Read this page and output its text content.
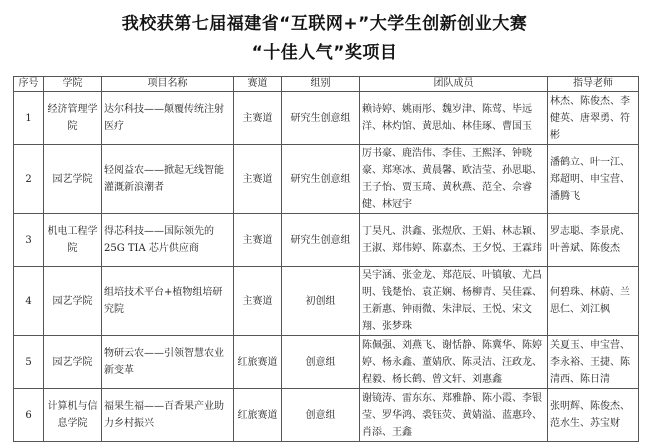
我校获第七届福建省“互联网+”大学生创新创业大赛
“十佳人气”奖项目
序号	学院	项目名称	赛道	组别	团队成员	指导老师
1	经济管理学院	达尔科技——颠覆传统注射医疗	主赛道	研究生创意组	赖诗婷、姚雨彤、魏岁津、陈莺、毕远洋、林灼馆、黄思灿、林佳琢、曹国玉	林杰、陈俊杰、李健英、唐翠勇、符彬
2	园艺学院	轻阅益农——掀起无线智能灌溉新浪潮者	主赛道	研究生创意组	厉书豪、鹿浩伟、李佳、王熙泽、钟晓豪、郑寒冰、黄晨馨、欧洁莹、孙思聪、王子怡、贾玉琦、黄秋燕、范全、佘睿健、林冠宇	潘鹤立、叶一江、郑超明、申宝营、潘腾飞
3	机电工程学院	得芯科技——国际领先的25G TIA 芯片供应商	主赛道	研究生创意组	丁昊凡、洪鑫、张煜欣、王娟、林志颖、王淑、郑伟婷、陈嘉杰、王夕悦、王霖玮	罗志聪、李景虎、叶善斌、陈俊杰
4	园艺学院	组培技术平台+植物组培研究院	主赛道	初创组	吴宇涵、张金龙、郑范辰、叶镇敏、尤昌明、钱楚怡、袁芷娴、杨柳青、吴佳霖、王新惠、钟雨微、朱津辰、王悦、宋文翔、张梦珠	何碧珠、林蔚、兰思仁、刘江枫
5	园艺学院	物研云农——引领智慧农业新变革	红旅赛道	创意组	陈佩强、刘燕飞、谢恬静、陈冀华、陈婷婷、杨永鑫、董婧欣、陈灵洁、汪政龙、程毅、杨长鹤、曾文轩、刘惠鑫	关夏玉、申宝营、李永裕、王捷、陈清西、陈日清
6	计算机与信息学院	福果生福——百香果产业助力乡村振兴	红旅赛道	创意组	谢镜涛、雷东东、郑雅静、陈小霞、李银莹、罗华鸿、裘钰荧、黄婧溢、蓝惠玲、肖添、王鑫	张明辉、陈俊杰、范水生、苏宝财
